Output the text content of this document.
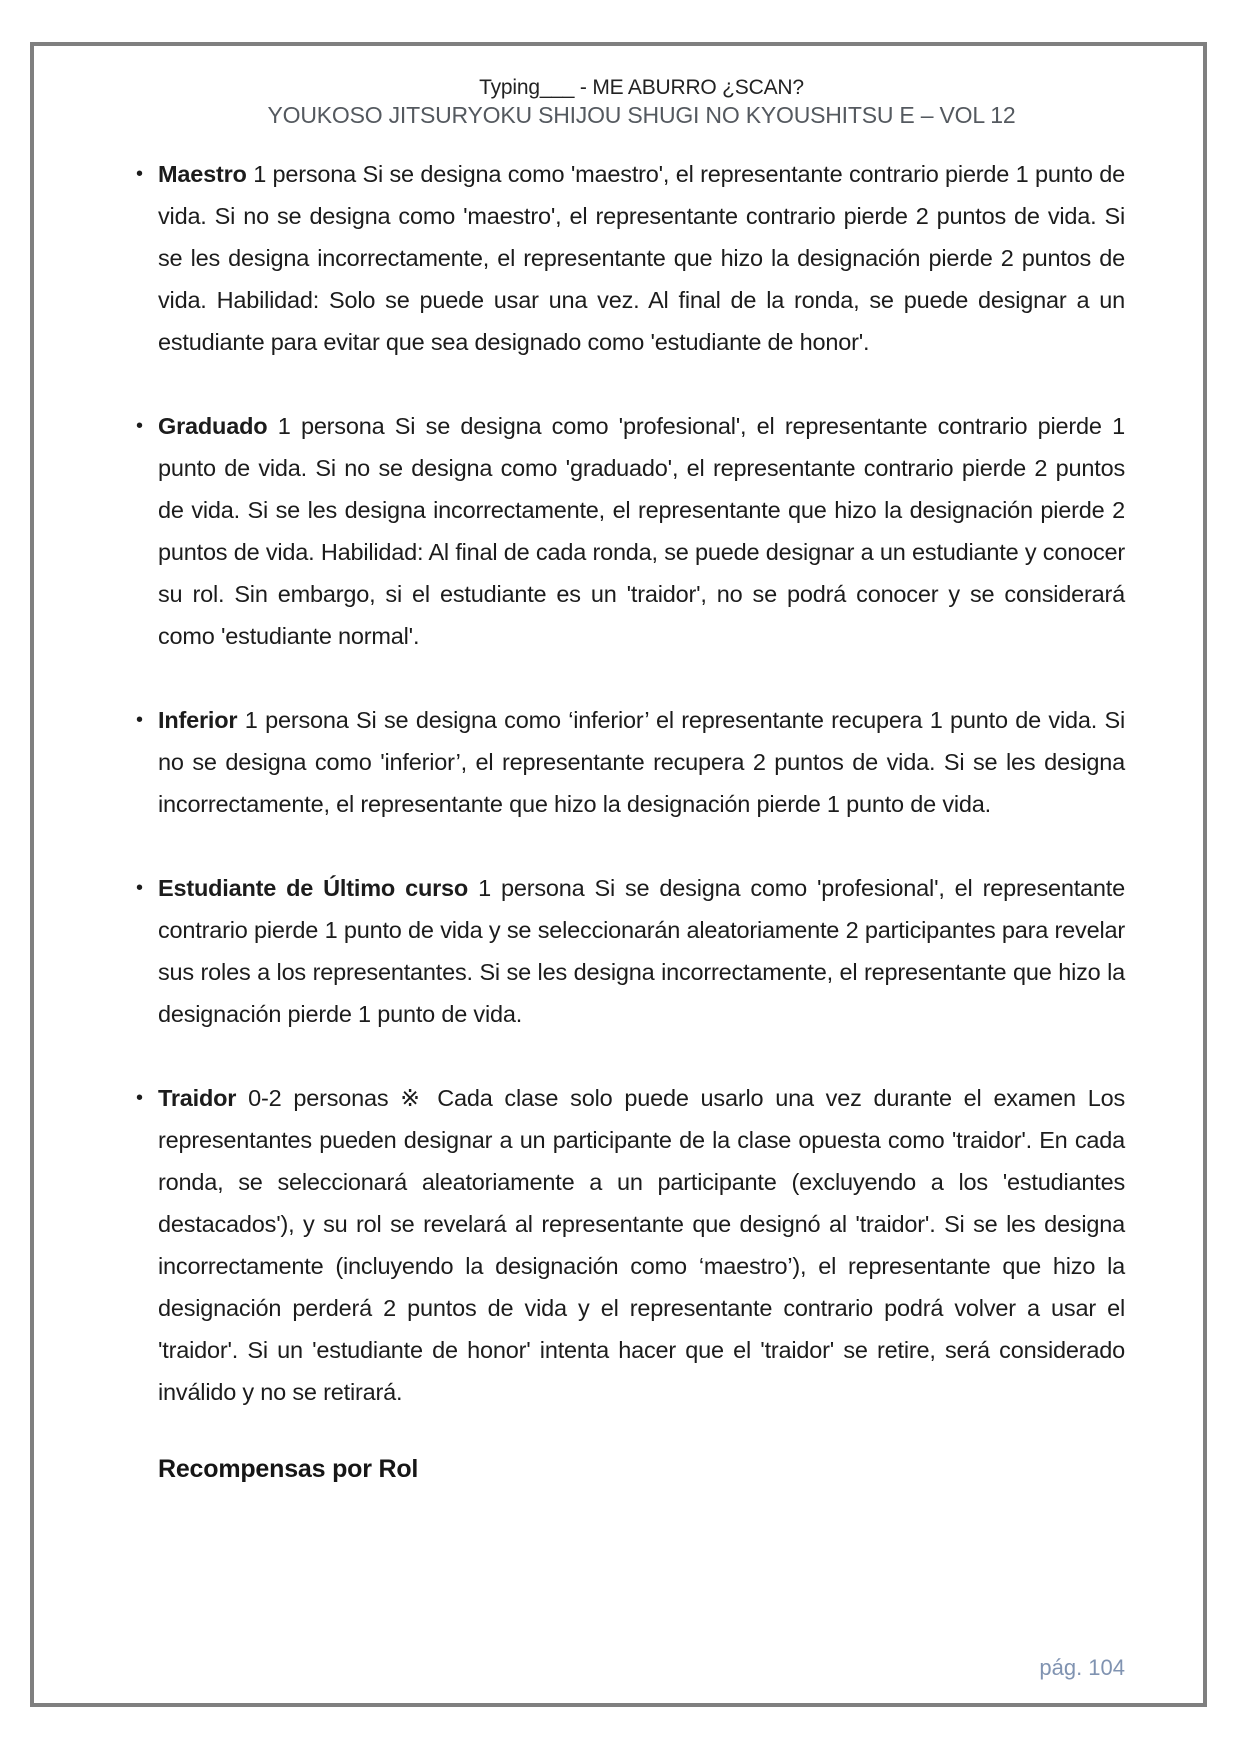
Typing___ - ME ABURRO ¿SCAN?
YOUKOSO JITSURYOKU SHIJOU SHUGI NO KYOUSHITSU E – VOL 12
• Maestro 1 persona Si se designa como 'maestro', el representante contrario pierde 1 punto de vida. Si no se designa como 'maestro', el representante contrario pierde 2 puntos de vida. Si se les designa incorrectamente, el representante que hizo la designación pierde 2 puntos de vida. Habilidad: Solo se puede usar una vez. Al final de la ronda, se puede designar a un estudiante para evitar que sea designado como 'estudiante de honor'.
• Graduado 1 persona Si se designa como 'profesional', el representante contrario pierde 1 punto de vida. Si no se designa como 'graduado', el representante contrario pierde 2 puntos de vida. Si se les designa incorrectamente, el representante que hizo la designación pierde 2 puntos de vida. Habilidad: Al final de cada ronda, se puede designar a un estudiante y conocer su rol. Sin embargo, si el estudiante es un 'traidor', no se podrá conocer y se considerará como 'estudiante normal'.
• Inferior 1 persona Si se designa como ‘inferior’ el representante recupera 1 punto de vida. Si no se designa como 'inferior’, el representante recupera 2 puntos de vida. Si se les designa incorrectamente, el representante que hizo la designación pierde 1 punto de vida.
• Estudiante de Último curso 1 persona Si se designa como 'profesional', el representante contrario pierde 1 punto de vida y se seleccionarán aleatoriamente 2 participantes para revelar sus roles a los representantes. Si se les designa incorrectamente, el representante que hizo la designación pierde 1 punto de vida.
• Traidor 0-2 personas ※ Cada clase solo puede usarlo una vez durante el examen Los representantes pueden designar a un participante de la clase opuesta como 'traidor'. En cada ronda, se seleccionará aleatoriamente a un participante (excluyendo a los 'estudiantes destacados'), y su rol se revelará al representante que designó al 'traidor'. Si se les designa incorrectamente (incluyendo la designación como ‘maestro’), el representante que hizo la designación perderá 2 puntos de vida y el representante contrario podrá volver a usar el 'traidor'. Si un 'estudiante de honor' intenta hacer que el 'traidor' se retire, será considerado inválido y no se retirará.
Recompensas por Rol
pág. 104
